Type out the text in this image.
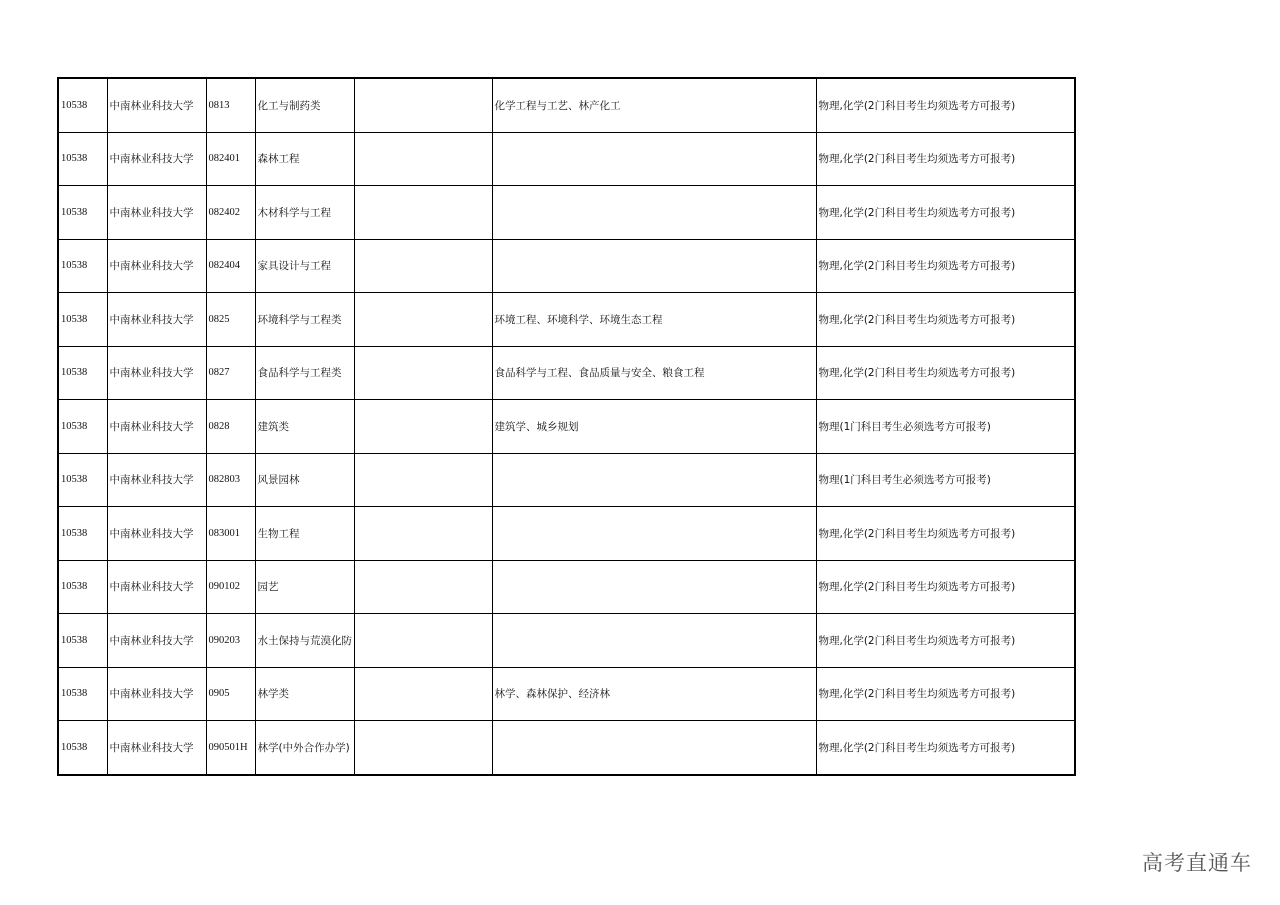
10538	中南林业科技大学	0813	化工与制药类		化学工程与工艺、林产化工	物理,化学(2门科目考生均须选考方可报考)
10538	中南林业科技大学	082401	森林工程			物理,化学(2门科目考生均须选考方可报考)
10538	中南林业科技大学	082402	木材科学与工程			物理,化学(2门科目考生均须选考方可报考)
10538	中南林业科技大学	082404	家具设计与工程			物理,化学(2门科目考生均须选考方可报考)
10538	中南林业科技大学	0825	环境科学与工程类		环境工程、环境科学、环境生态工程	物理,化学(2门科目考生均须选考方可报考)
10538	中南林业科技大学	0827	食品科学与工程类		食品科学与工程、食品质量与安全、粮食工程	物理,化学(2门科目考生均须选考方可报考)
10538	中南林业科技大学	0828	建筑类		建筑学、城乡规划	物理(1门科目考生必须选考方可报考)
10538	中南林业科技大学	082803	风景园林			物理(1门科目考生必须选考方可报考)
10538	中南林业科技大学	083001	生物工程			物理,化学(2门科目考生均须选考方可报考)
10538	中南林业科技大学	090102	园艺			物理,化学(2门科目考生均须选考方可报考)
10538	中南林业科技大学	090203	水土保持与荒漠化防			物理,化学(2门科目考生均须选考方可报考)
10538	中南林业科技大学	0905	林学类		林学、森林保护、经济林	物理,化学(2门科目考生均须选考方可报考)
10538	中南林业科技大学	090501H	林学(中外合作办学)			物理,化学(2门科目考生均须选考方可报考)
高考直通车
